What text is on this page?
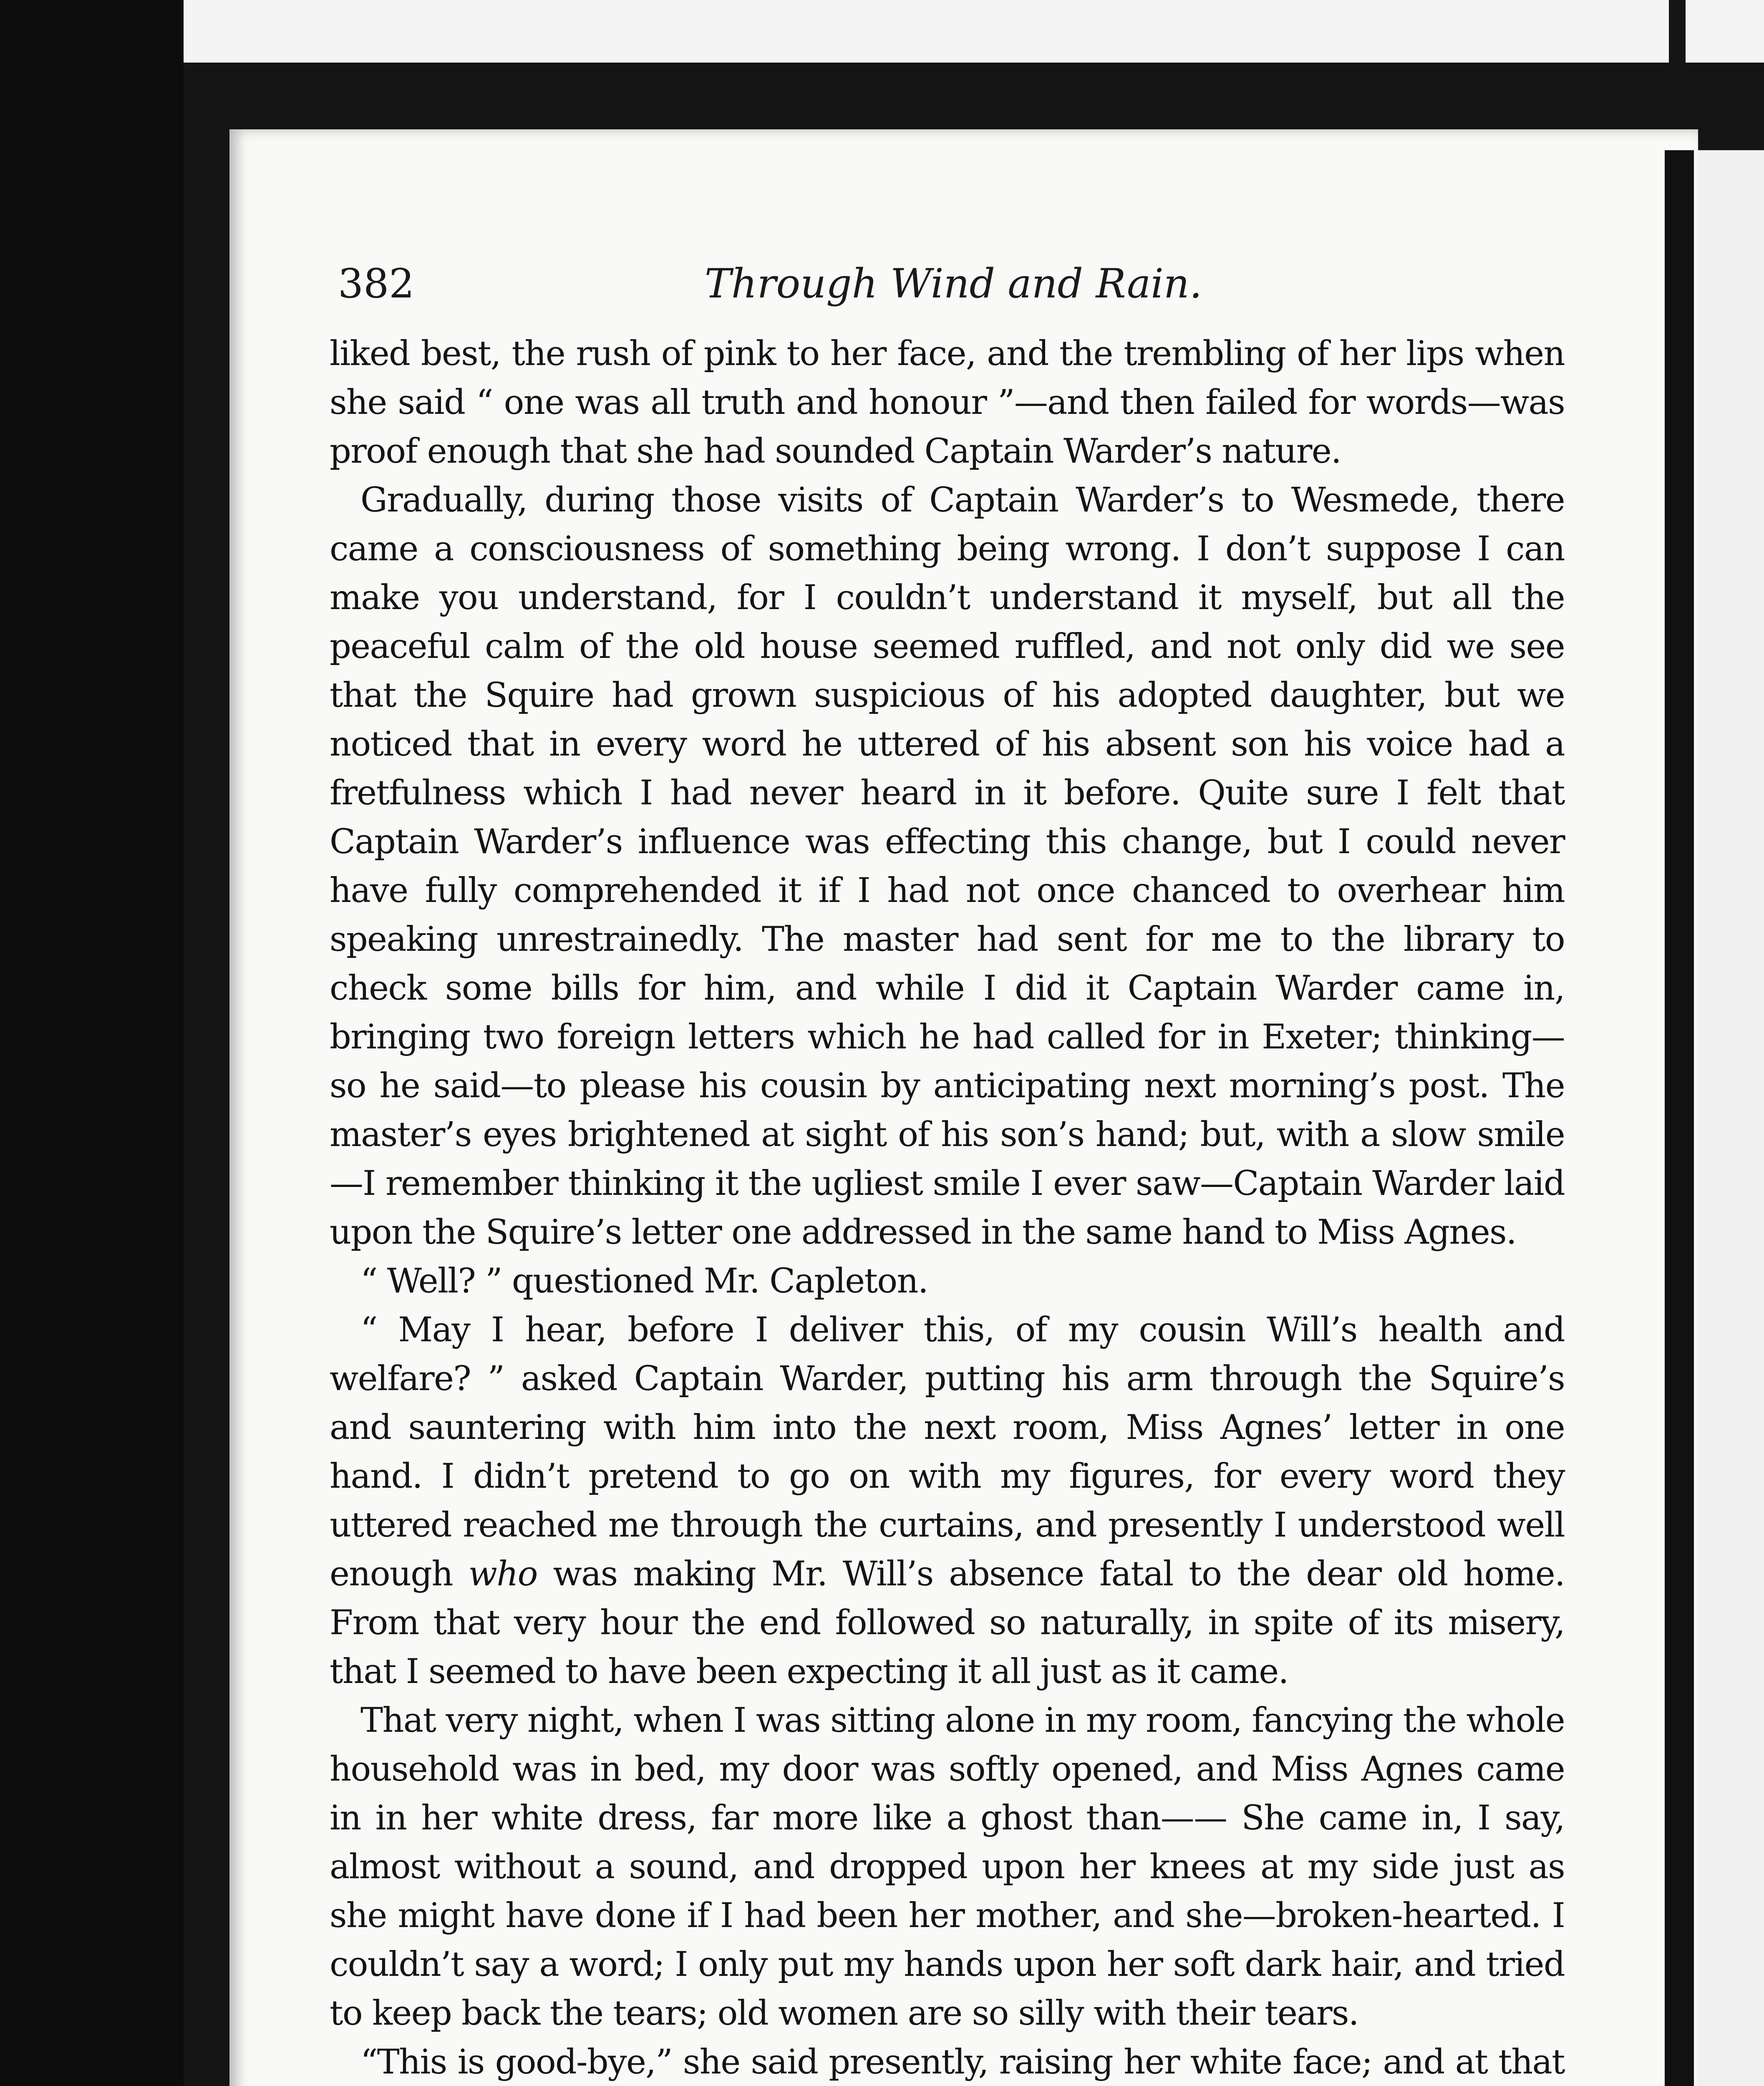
382	Through Wind and Rain.

liked best, the rush of pink to her face, and the trembling of her lips when she said “ one was all truth and honour ”—and then failed for words—was proof enough that she had sounded Captain Warder’s nature.

Gradually, during those visits of Captain Warder’s to Wesmede, there came a consciousness of something being wrong. I don’t suppose I can make you understand, for I couldn’t understand it myself, but all the peaceful calm of the old house seemed ruffled, and not only did we see that the Squire had grown suspicious of his adopted daughter, but we noticed that in every word he uttered of his absent son his voice had a fretfulness which I had never heard in it before. Quite sure I felt that Captain Warder’s influence was effecting this change, but I could never have fully comprehended it if I had not once chanced to overhear him speaking unrestrainedly. The master had sent for me to the library to check some bills for him, and while I did it Captain Warder came in, bringing two foreign letters which he had called for in Exeter; thinking—so he said—to please his cousin by anticipating next morning’s post. The master’s eyes brightened at sight of his son’s hand; but, with a slow smile—I remember thinking it the ugliest smile I ever saw—Captain Warder laid upon the Squire’s letter one addressed in the same hand to Miss Agnes.

“ Well? ” questioned Mr. Capleton.

“ May I hear, before I deliver this, of my cousin Will’s health and welfare? ” asked Captain Warder, putting his arm through the Squire’s and sauntering with him into the next room, Miss Agnes’ letter in one hand. I didn’t pretend to go on with my figures, for every word they uttered reached me through the curtains, and presently I understood well enough who was making Mr. Will’s absence fatal to the dear old home. From that very hour the end followed so naturally, in spite of its misery, that I seemed to have been expecting it all just as it came.

That very night, when I was sitting alone in my room, fancying the whole household was in bed, my door was softly opened, and Miss Agnes came in in her white dress, far more like a ghost than—— She came in, I say, almost without a sound, and dropped upon her knees at my side just as she might have done if I had been her mother, and she—broken-hearted. I couldn’t say a word; I only put my hands upon her soft dark hair, and tried to keep back the tears; old women are so silly with their tears.

“This is good-bye,” she said presently, raising her white face; and at that
